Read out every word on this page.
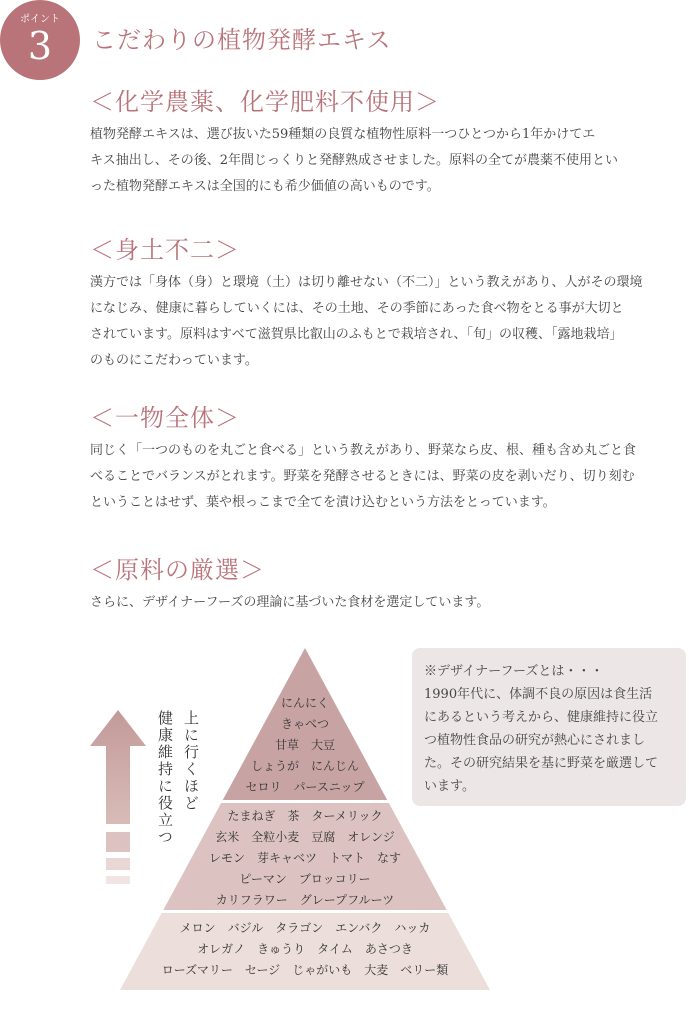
ポイント
3	こだわりの植物発酵エキス
＜化学農薬、化学肥料不使用＞
植物発酵エキスは、選び抜いた59種類の良質な植物性原料一つひとつから1年かけてエ
キス抽出し、その後、2年間じっくりと発酵熟成させました。原料の全てが農薬不使用とい
った植物発酵エキスは全国的にも希少価値の高いものです。
＜身土不二＞
漢方では「身体（身）と環境（土）は切り離せない（不二）」という教えがあり、人がその環境
になじみ、健康に暮らしていくには、その土地、その季節にあった食べ物をとる事が大切と
されています。原料はすべて滋賀県比叡山のふもとで栽培され、「旬」の収穫、「露地栽培」
のものにこだわっています。
＜一物全体＞
同じく「一つのものを丸ごと食べる」という教えがあり、野菜なら皮、根、種も含め丸ごと食
べることでバランスがとれます。野菜を発酵させるときには、野菜の皮を剥いだり、切り刻む
ということはせず、葉や根っこまで全てを漬け込むという方法をとっています。
＜原料の厳選＞
さらに、デザイナーフーズの理論に基づいた食材を選定しています。

※デザイナーフーズとは・・・

1990年代に、体調不良の原因は食生活

にあるという考えから、健康維持に役立

つ植物性食品の研究が熱心にされまし

た。その研究結果を基に野菜を厳選して

います。

上に行くほど
健康維持に役立つ
にんにく
きゃべつ
甘草　大豆
しょうが　にんじん
セロリ　パースニップ
たまねぎ　茶　ターメリック
玄米　全粒小麦　豆腐　オレンジ
レモン　芽キャベツ　トマト　なす
ピーマン　ブロッコリー
カリフラワー　グレープフルーツ
メロン　バジル　タラゴン　エンバク　ハッカ
オレガノ　きゅうり　タイム　あさつき
ローズマリー　セージ　じゃがいも　大麦　ベリー類
